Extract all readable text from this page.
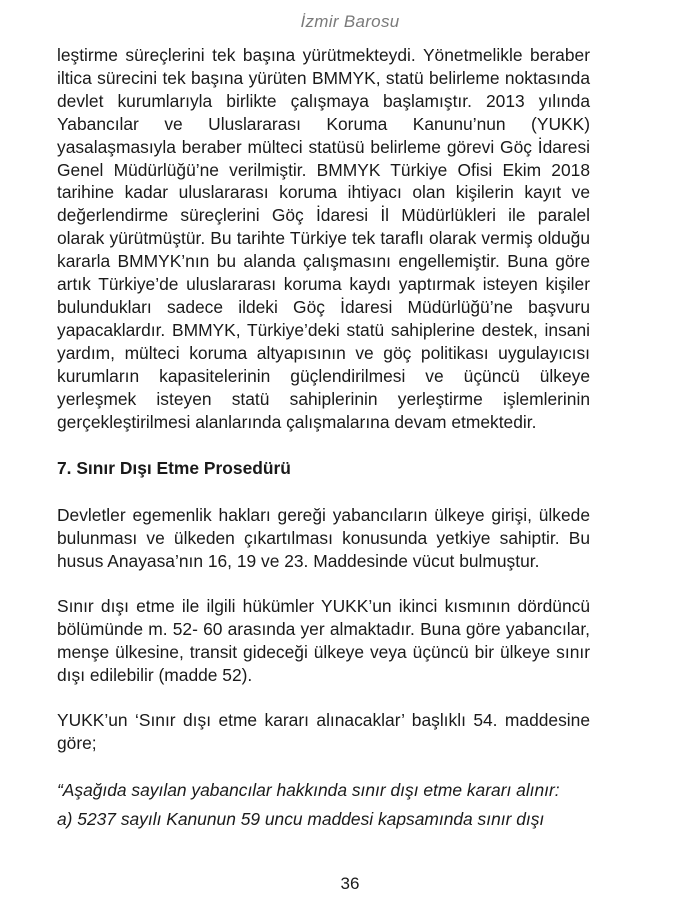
İzmir Barosu

leştirme süreçlerini tek başına yürütmekteydi. Yönetmelikle beraber iltica sürecini tek başına yürüten BMMYK, statü belirleme noktasında devlet kurumlarıyla birlikte çalışmaya başlamıştır. 2013 yılında Yabancılar ve Uluslararası Koruma Kanunu’nun (YUKK) yasalaşmasıyla beraber mülteci statüsü belirleme görevi Göç İdaresi Genel Müdürlüğü’ne verilmiştir. BMMYK Türkiye Ofisi Ekim 2018 tarihine kadar uluslararası koruma ihtiyacı olan kişilerin kayıt ve değerlendirme süreçlerini Göç İdaresi İl Müdürlükleri ile paralel olarak yürütmüştür. Bu tarihte Türkiye tek taraflı olarak vermiş olduğu kararla BMMYK’nın bu alanda çalışmasını engellemiştir. Buna göre artık Türkiye’de uluslararası koruma kaydı yaptırmak isteyen kişiler bulundukları sadece ildeki Göç İdaresi Müdürlüğü’ne başvuru yapacaklardır. BMMYK, Türkiye’deki statü sahiplerine destek, insani yardım, mülteci koruma altyapısının ve göç politikası uygulayıcısı kurumların kapasitelerinin güçlendirilmesi ve üçüncü ülkeye yerleşmek isteyen statü sahiplerinin yerleştirme işlemlerinin gerçekleştirilmesi alanlarında çalışmalarına devam etmektedir.

7. Sınır Dışı Etme Prosedürü

Devletler egemenlik hakları gereği yabancıların ülkeye girişi, ülkede bulunması ve ülkeden çıkartılması konusunda yetkiye sahiptir. Bu husus Anayasa’nın 16, 19 ve 23. Maddesinde vücut bulmuştur.

Sınır dışı etme ile ilgili hükümler YUKK’un ikinci kısmının dördüncü bölümünde m. 52- 60 arasında yer almaktadır. Buna göre yabancılar, menşe ülkesine, transit gideceği ülkeye veya üçüncü bir ülkeye sınır dışı edilebilir (madde 52).

YUKK’un ‘Sınır dışı etme kararı alınacaklar’ başlıklı 54. maddesine göre;

“Aşağıda sayılan yabancılar hakkında sınır dışı etme kararı alınır:

a) 5237 sayılı Kanunun 59 uncu maddesi kapsamında sınır dışı

36
